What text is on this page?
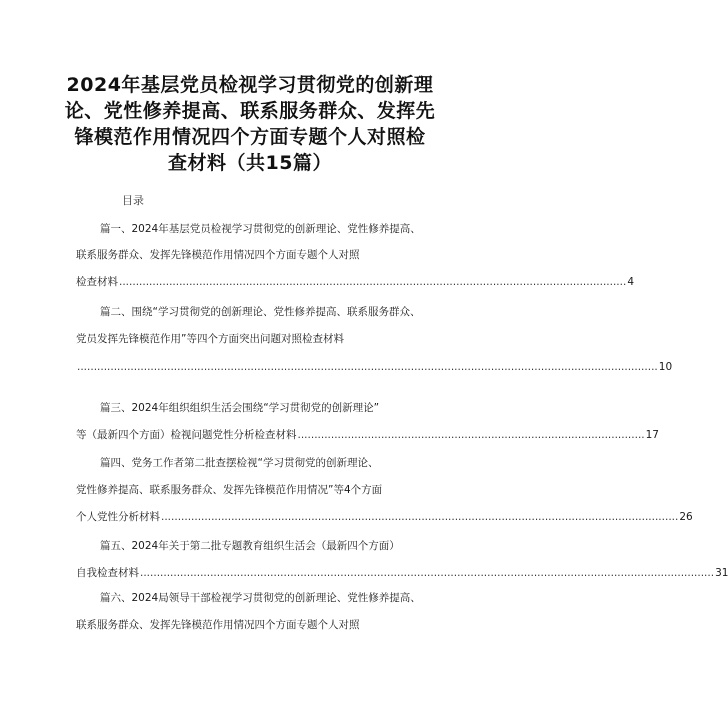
2024年基层党员检视学习贯彻党的创新理
论、党性修养提高、联系服务群众、发挥先
锋模范作用情况四个方面专题个人对照检
查材料（共15篇）
目录
篇一、2024年基层党员检视学习贯彻党的创新理论、党性修养提高、
联系服务群众、发挥先锋模范作用情况四个方面专题个人对照
检查材料 ........................................................................................................................................................ 4
篇二、围绕“学习贯彻党的创新理论、党性修养提高、联系服务群众、
党员发挥先锋模范作用”等四个方面突出问题对照检查材料
.............................................................................................................................................................................. 10
篇三、2024年组织组织生活会围绕“学习贯彻党的创新理论”
等（最新四个方面）检视问题党性分析检查材料 ........................................................................................................ 17
篇四、党务工作者第二批查摆检视“学习贯彻党的创新理论、
党性修养提高、联系服务群众、发挥先锋模范作用情况”等4个方面
个人党性分析材料 ........................................................................................................................................................... 26
篇五、2024年关于第二批专题教育组织生活会（最新四个方面）
自我检查材料 ............................................................................................................................................................................ 31
篇六、2024局领导干部检视学习贯彻党的创新理论、党性修养提高、
联系服务群众、发挥先锋模范作用情况四个方面专题个人对照
